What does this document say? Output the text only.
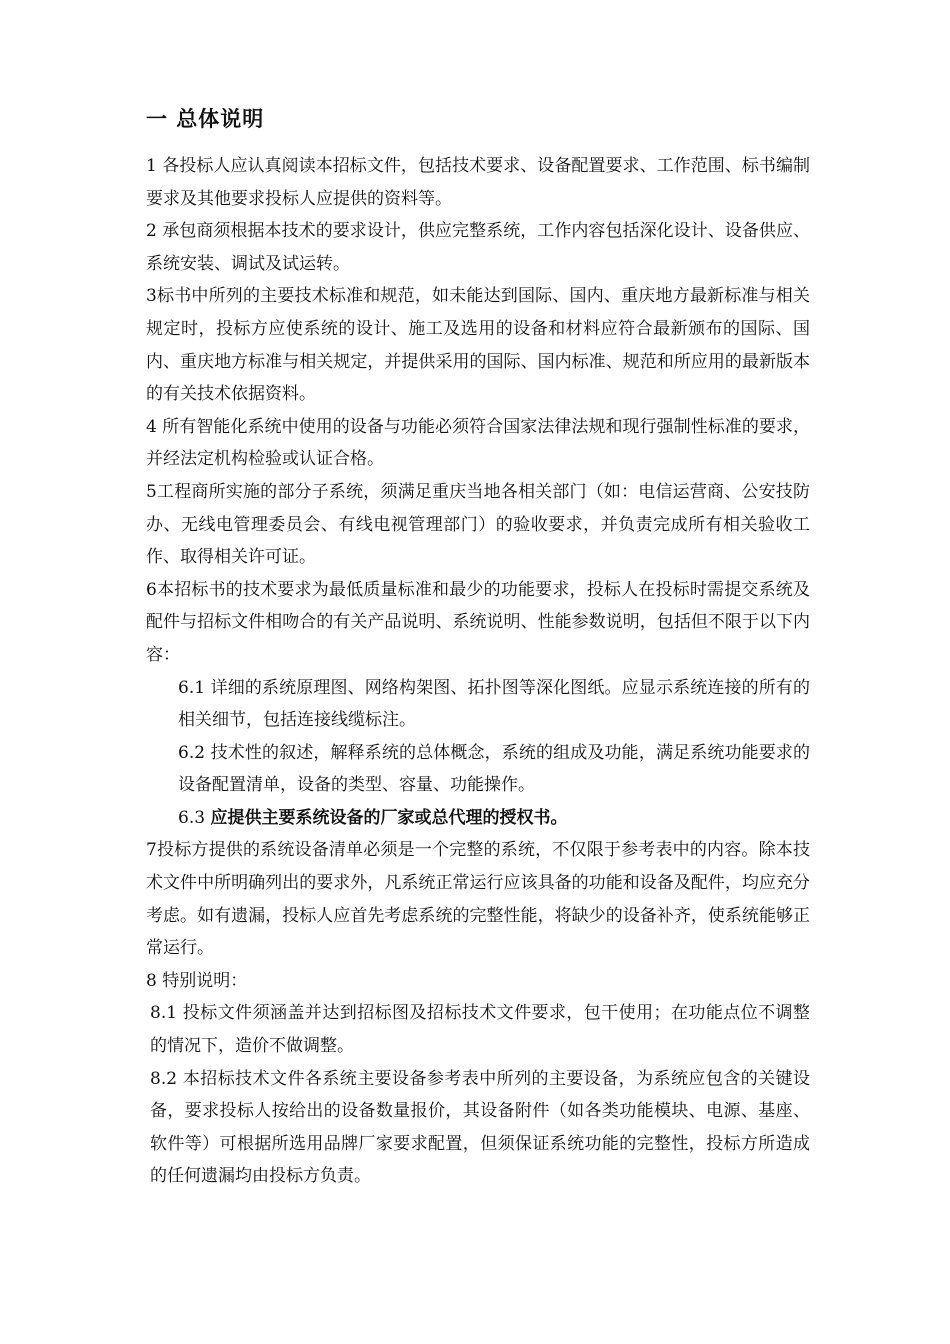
一 总体说明

1 各投标人应认真阅读本招标文件，包括技术要求、设备配置要求、工作范围、标书编制要求及其他要求投标人应提供的资料等。

2 承包商须根据本技术的要求设计，供应完整系统，工作内容包括深化设计、设备供应、系统安装、调试及试运转。

3标书中所列的主要技术标准和规范，如未能达到国际、国内、重庆地方最新标准与相关规定时，投标方应使系统的设计、施工及选用的设备和材料应符合最新颁布的国际、国内、重庆地方标准与相关规定，并提供采用的国际、国内标准、规范和所应用的最新版本的有关技术依据资料。

4 所有智能化系统中使用的设备与功能必须符合国家法律法规和现行强制性标准的要求，并经法定机构检验或认证合格。

5工程商所实施的部分子系统，须满足重庆当地各相关部门（如：电信运营商、公安技防办、无线电管理委员会、有线电视管理部门）的验收要求，并负责完成所有相关验收工作、取得相关许可证。

6本招标书的技术要求为最低质量标准和最少的功能要求，投标人在投标时需提交系统及配件与招标文件相吻合的有关产品说明、系统说明、性能参数说明，包括但不限于以下内容：

6.1 详细的系统原理图、网络构架图、拓扑图等深化图纸。应显示系统连接的所有的相关细节，包括连接线缆标注。

6.2 技术性的叙述，解释系统的总体概念，系统的组成及功能，满足系统功能要求的设备配置清单，设备的类型、容量、功能操作。

6.3 应提供主要系统设备的厂家或总代理的授权书。

7投标方提供的系统设备清单必须是一个完整的系统，不仅限于参考表中的内容。除本技术文件中所明确列出的要求外，凡系统正常运行应该具备的功能和设备及配件，均应充分考虑。如有遗漏，投标人应首先考虑系统的完整性能，将缺少的设备补齐，使系统能够正常运行。

8 特别说明：

8.1 投标文件须涵盖并达到招标图及招标技术文件要求，包干使用；在功能点位不调整的情况下，造价不做调整。

8.2 本招标技术文件各系统主要设备参考表中所列的主要设备，为系统应包含的关键设备，要求投标人按给出的设备数量报价，其设备附件（如各类功能模块、电源、基座、软件等）可根据所选用品牌厂家要求配置，但须保证系统功能的完整性，投标方所造成的任何遗漏均由投标方负责。
